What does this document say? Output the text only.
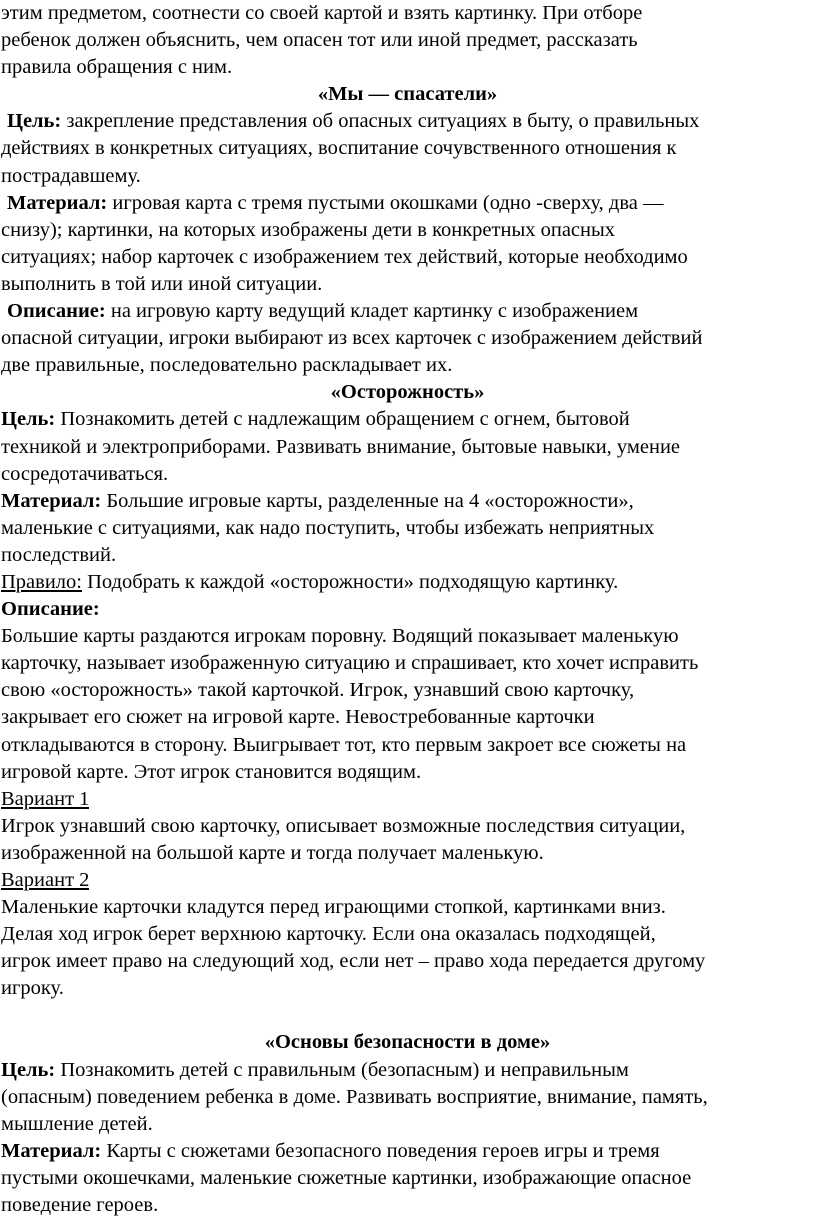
этим предметом, соотнести со своей картой и взять картинку. При отборе

ребенок должен объяснить, чем опасен тот или иной предмет, рассказать

правила обращения с ним.

«Мы — спасатели»

Цель: закрепление представления об опасных ситуациях в быту, о правильных

действиях в конкретных ситуациях, воспитание сочувственного отношения к

пострадавшему.

Материал: игровая карта с тремя пустыми окошками (одно -сверху, два —

снизу); картинки, на которых изображены дети в конкретных опасных

ситуациях; набор карточек с изображением тех действий, которые необходимо

выполнить в той или иной ситуации.

Описание: на игровую карту ведущий кладет картинку с изображением

опасной ситуации, игроки выбирают из всех карточек с изображением действий

две правильные, последовательно раскладывает их.

«Осторожность»

Цель: Познакомить детей с надлежащим обращением с огнем, бытовой

техникой и электроприборами. Развивать внимание, бытовые навыки, умение

сосредотачиваться.

Материал: Большие игровые карты, разделенные на 4 «осторожности»,

маленькие с ситуациями, как надо поступить, чтобы избежать неприятных

последствий.

Правило: Подобрать к каждой «осторожности» подходящую картинку.

Описание:

Большие карты раздаются игрокам поровну. Водящий показывает маленькую

карточку, называет изображенную ситуацию и спрашивает, кто хочет исправить

свою «осторожность» такой карточкой. Игрок, узнавший свою карточку,

закрывает его сюжет на игровой карте. Невостребованные карточки

откладываются в сторону. Выигрывает тот, кто первым закроет все сюжеты на

игровой карте. Этот игрок становится водящим.

Вариант 1

Игрок узнавший свою карточку, описывает возможные последствия ситуации,

изображенной на большой карте и тогда получает маленькую.

Вариант 2

Маленькие карточки кладутся перед играющими стопкой, картинками вниз.

Делая ход игрок берет верхнюю карточку. Если она оказалась подходящей,

игрок имеет право на следующий ход, если нет – право хода передается другому

игроку.

«Основы безопасности в доме»

Цель: Познакомить детей с правильным (безопасным) и неправильным

(опасным) поведением ребенка в доме. Развивать восприятие, внимание, память,

мышление детей.

Материал: Карты с сюжетами безопасного поведения героев игры и тремя

пустыми окошечками, маленькие сюжетные картинки, изображающие опасное

поведение героев.
